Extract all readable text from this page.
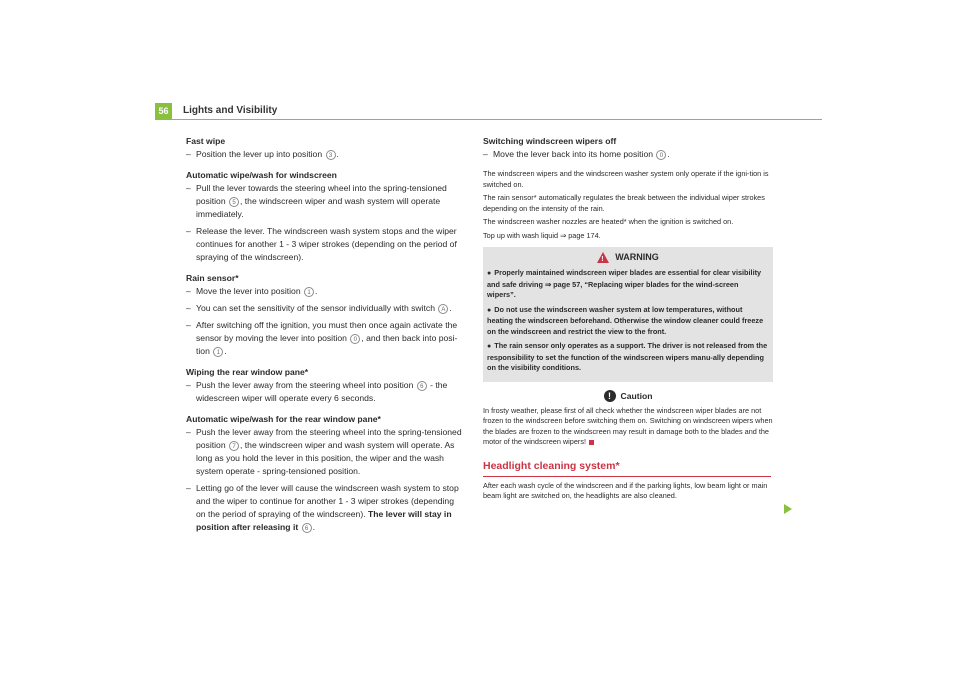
56	Lights and Visibility

Fast wipe

– Position the lever up into position 3 .

Automatic wipe/wash for windscreen

– Pull the lever towards the steering wheel into the spring-tensioned position 5 , the windscreen wiper and wash system will operate immediately.

– Release the lever. The windscreen wash system stops and the wiper continues for another 1 - 3 wiper strokes (depending on the period of spraying of the windscreen).

Rain sensor*

– Move the lever into position 1 .

– You can set the sensitivity of the sensor individually with switch A .

– After switching off the ignition, you must then once again activate the sensor by moving the lever into position 0 , and then back into posi-tion 1 .

Wiping the rear window pane*

– Push the lever away from the steering wheel into position 6 - the widescreen wiper will operate every 6 seconds.

Automatic wipe/wash for the rear window pane*

– Push the lever away from the steering wheel into the spring-tensioned position 7 , the windscreen wiper and wash system will operate. As long as you hold the lever in this position, the wiper and the wash system operate - spring-tensioned position.

– Letting go of the lever will cause the windscreen wash system to stop and the wiper to continue for another 1 - 3 wiper strokes (depending on the period of spraying of the windscreen). The lever will stay in position after releasing it 6 .

Switching windscreen wipers off

– Move the lever back into its home position 0 .

The windscreen wipers and the windscreen washer system only operate if the igni-tion is switched on.

The rain sensor* automatically regulates the break between the individual wiper strokes depending on the intensity of the rain.

The windscreen washer nozzles are heated* when the ignition is switched on.

Top up with wash liquid ⇒ page 174.

!WARNING

● Properly maintained windscreen wiper blades are essential for clear visibility and safe driving ⇒ page 57, “Replacing wiper blades for the wind-screen wipers”.

● Do not use the windscreen washer system at low temperatures, without heating the windscreen beforehand. Otherwise the window cleaner could freeze on the windscreen and restrict the view to the front.

● The rain sensor only operates as a support. The driver is not released from the responsibility to set the function of the windscreen wipers manu-ally depending on the visibility conditions.

! Caution

In frosty weather, please first of all check whether the windscreen wiper blades are not frozen to the windscreen before switching them on. Switching on windscreen wipers when the blades are frozen to the windscreen may result in damage both to the blades and the motor of the windscreen wipers!

Headlight cleaning system*

After each wash cycle of the windscreen and if the parking lights, low beam light or main beam light are switched on, the headlights are also cleaned.
